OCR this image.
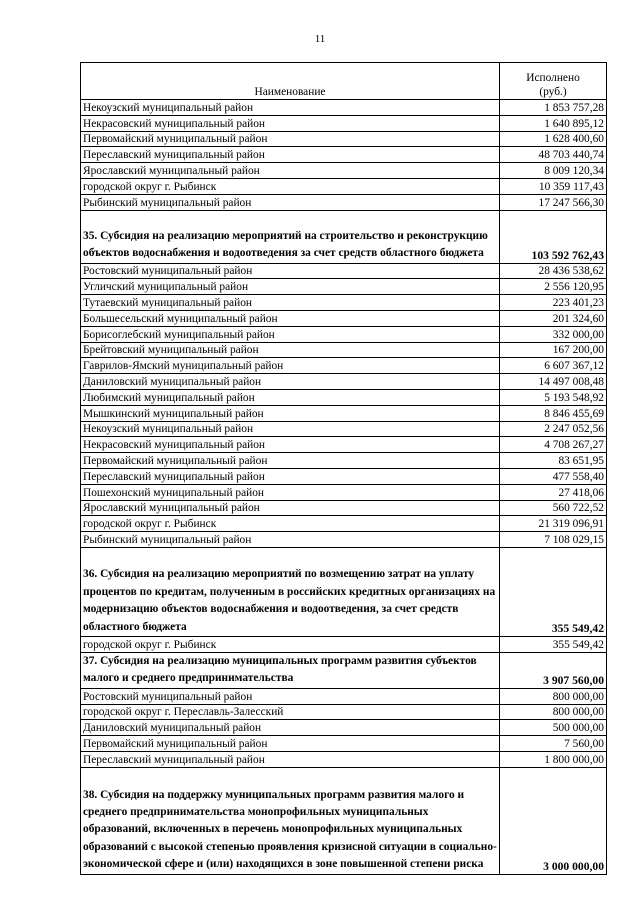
11
Наименование	Исполнено
(руб.)
Некоузский муниципальный район	1 853 757,28
Некрасовский муниципальный район	1 640 895,12
Первомайский муниципальный район	1 628 400,60
Переславский муниципальный район	48 703 440,74
Ярославский муниципальный район	8 009 120,34
городской округ г. Рыбинск	10 359 117,43
Рыбинский муниципальный район	17 247 566,30
35. Субсидия на реализацию мероприятий на строительство и реконструкцию объектов водоснабжения и водоотведения за счет средств областного бюджета	103 592 762,43
Ростовский муниципальный район	28 436 538,62
Угличский муниципальный район	2 556 120,95
Тутаевский муниципальный район	223 401,23
Большесельский муниципальный район	201 324,60
Борисоглебский муниципальный район	332 000,00
Брейтовский муниципальный район	167 200,00
Гаврилов-Ямский муниципальный район	6 607 367,12
Даниловский муниципальный район	14 497 008,48
Любимский муниципальный район	5 193 548,92
Мышкинский муниципальный район	8 846 455,69
Некоузский муниципальный район	2 247 052,56
Некрасовский муниципальный район	4 708 267,27
Первомайский муниципальный район	83 651,95
Переславский муниципальный район	477 558,40
Пошехонский муниципальный район	27 418,06
Ярославский муниципальный район	560 722,52
городской округ г. Рыбинск	21 319 096,91
Рыбинский муниципальный район	7 108 029,15
36. Субсидия на реализацию мероприятий по возмещению затрат на уплату процентов по кредитам, полученным в российских кредитных организациях на модернизацию объектов водоснабжения и водоотведения, за счет средств областного бюджета	355 549,42
городской округ г. Рыбинск	355 549,42
37. Субсидия на реализацию муниципальных программ развития субъектов малого и среднего предпринимательства	3 907 560,00
Ростовский муниципальный район	800 000,00
городской округ г. Переславль-Залесский	800 000,00
Даниловский муниципальный район	500 000,00
Первомайский муниципальный район	7 560,00
Переславский муниципальный район	1 800 000,00
38. Субсидия на поддержку муниципальных программ развития малого и среднего предпринимательства монопрофильных муниципальных образований, включенных в перечень монопрофильных муниципальных образований с высокой степенью проявления кризисной ситуации в социально-экономической сфере и (или) находящихся в зоне повышенной степени риска	3 000 000,00
